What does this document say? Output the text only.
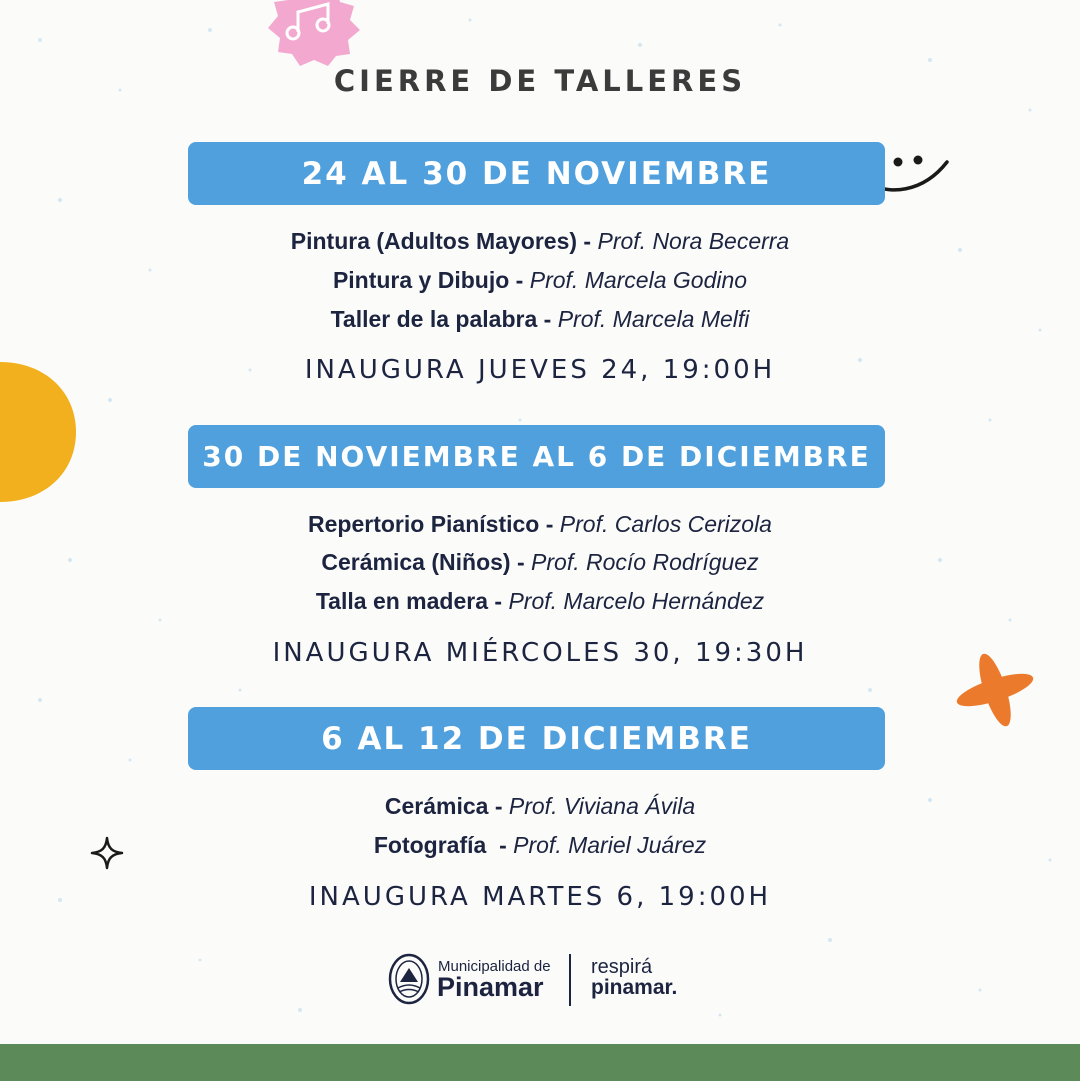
CIERRE DE TALLERES
24 AL 30 DE NOVIEMBRE
Pintura (Adultos Mayores) - Prof. Nora Becerra
Pintura y Dibujo - Prof. Marcela Godino
Taller de la palabra - Prof. Marcela Melfi
INAUGURA JUEVES 24, 19:00H
30 DE NOVIEMBRE AL 6 DE DICIEMBRE
Repertorio Pianístico - Prof. Carlos Cerizola
Cerámica (Niños) - Prof. Rocío Rodríguez
Talla en madera - Prof. Marcelo Hernández
INAUGURA MIÉRCOLES 30, 19:30H
6 AL 12 DE DICIEMBRE
Cerámica - Prof. Viviana Ávila
Fotografía  - Prof. Mariel Juárez
INAUGURA MARTES 6, 19:00H
Municipalidad de
Pinamar
respirá
pinamar.
